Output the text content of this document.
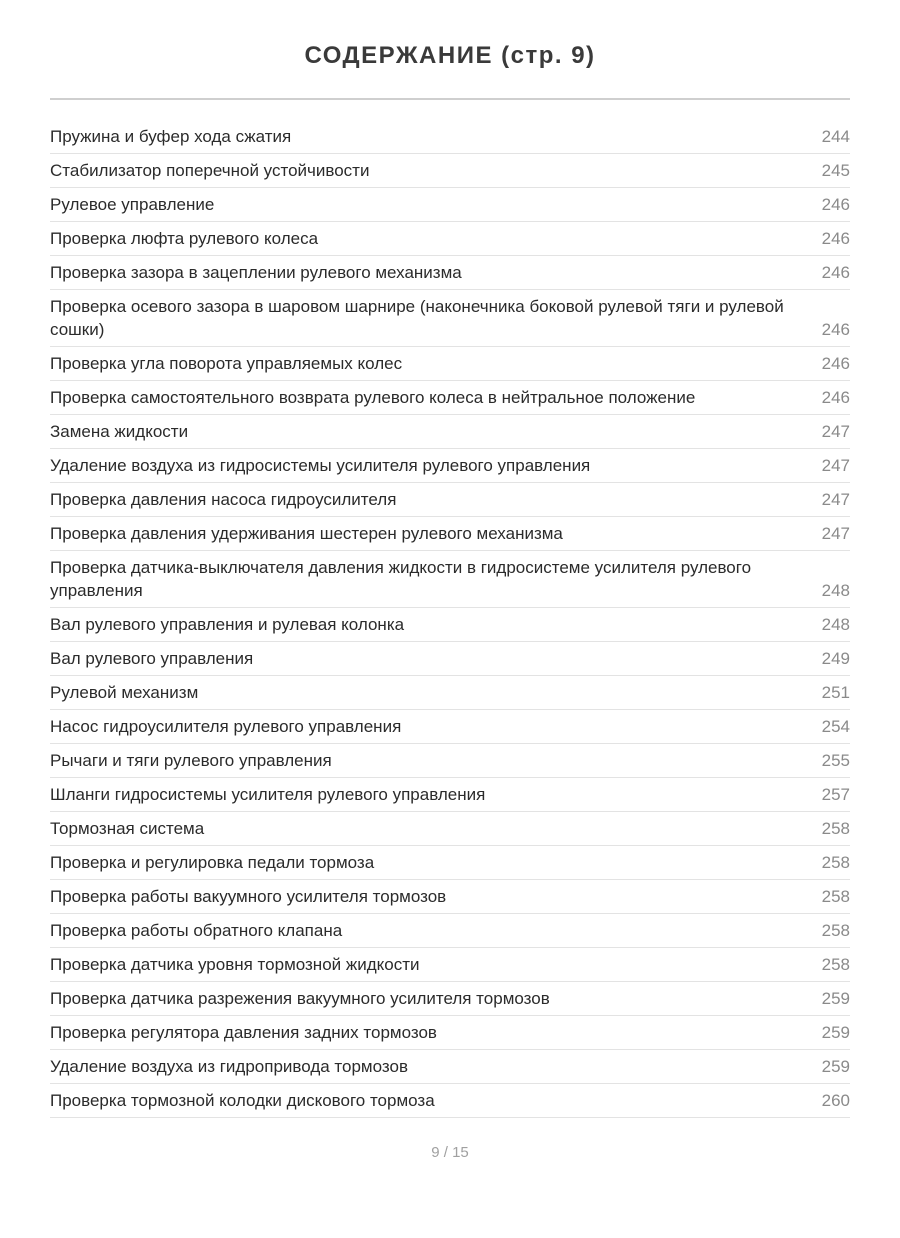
СОДЕРЖАНИЕ (стр. 9)
Пружина и буфер хода сжатия	244
Стабилизатор поперечной устойчивости	245
Рулевое управление	246
Проверка люфта рулевого колеса	246
Проверка зазора в зацеплении рулевого механизма	246
Проверка осевого зазора в шаровом шарнире (наконечника боковой рулевой тяги и рулевой сошки)	246
Проверка угла поворота управляемых колес	246
Проверка самостоятельного возврата рулевого колеса в нейтральное положение	246
Замена жидкости	247
Удаление воздуха из гидросистемы усилителя рулевого управления	247
Проверка давления насоса гидроусилителя	247
Проверка давления удерживания шестерен рулевого механизма	247
Проверка датчика-выключателя давления жидкости в гидросистеме усилителя рулевого управления	248
Вал рулевого управления и рулевая колонка	248
Вал рулевого управления	249
Рулевой механизм	251
Насос гидроусилителя рулевого управления	254
Рычаги и тяги рулевого управления	255
Шланги гидросистемы усилителя рулевого управления	257
Тормозная система	258
Проверка и регулировка педали тормоза	258
Проверка работы вакуумного усилителя тормозов	258
Проверка работы обратного клапана	258
Проверка датчика уровня тормозной жидкости	258
Проверка датчика разрежения вакуумного усилителя тормозов	259
Проверка регулятора давления задних тормозов	259
Удаление воздуха из гидропривода тормозов	259
Проверка тормозной колодки дискового тормоза	260
9 / 15
